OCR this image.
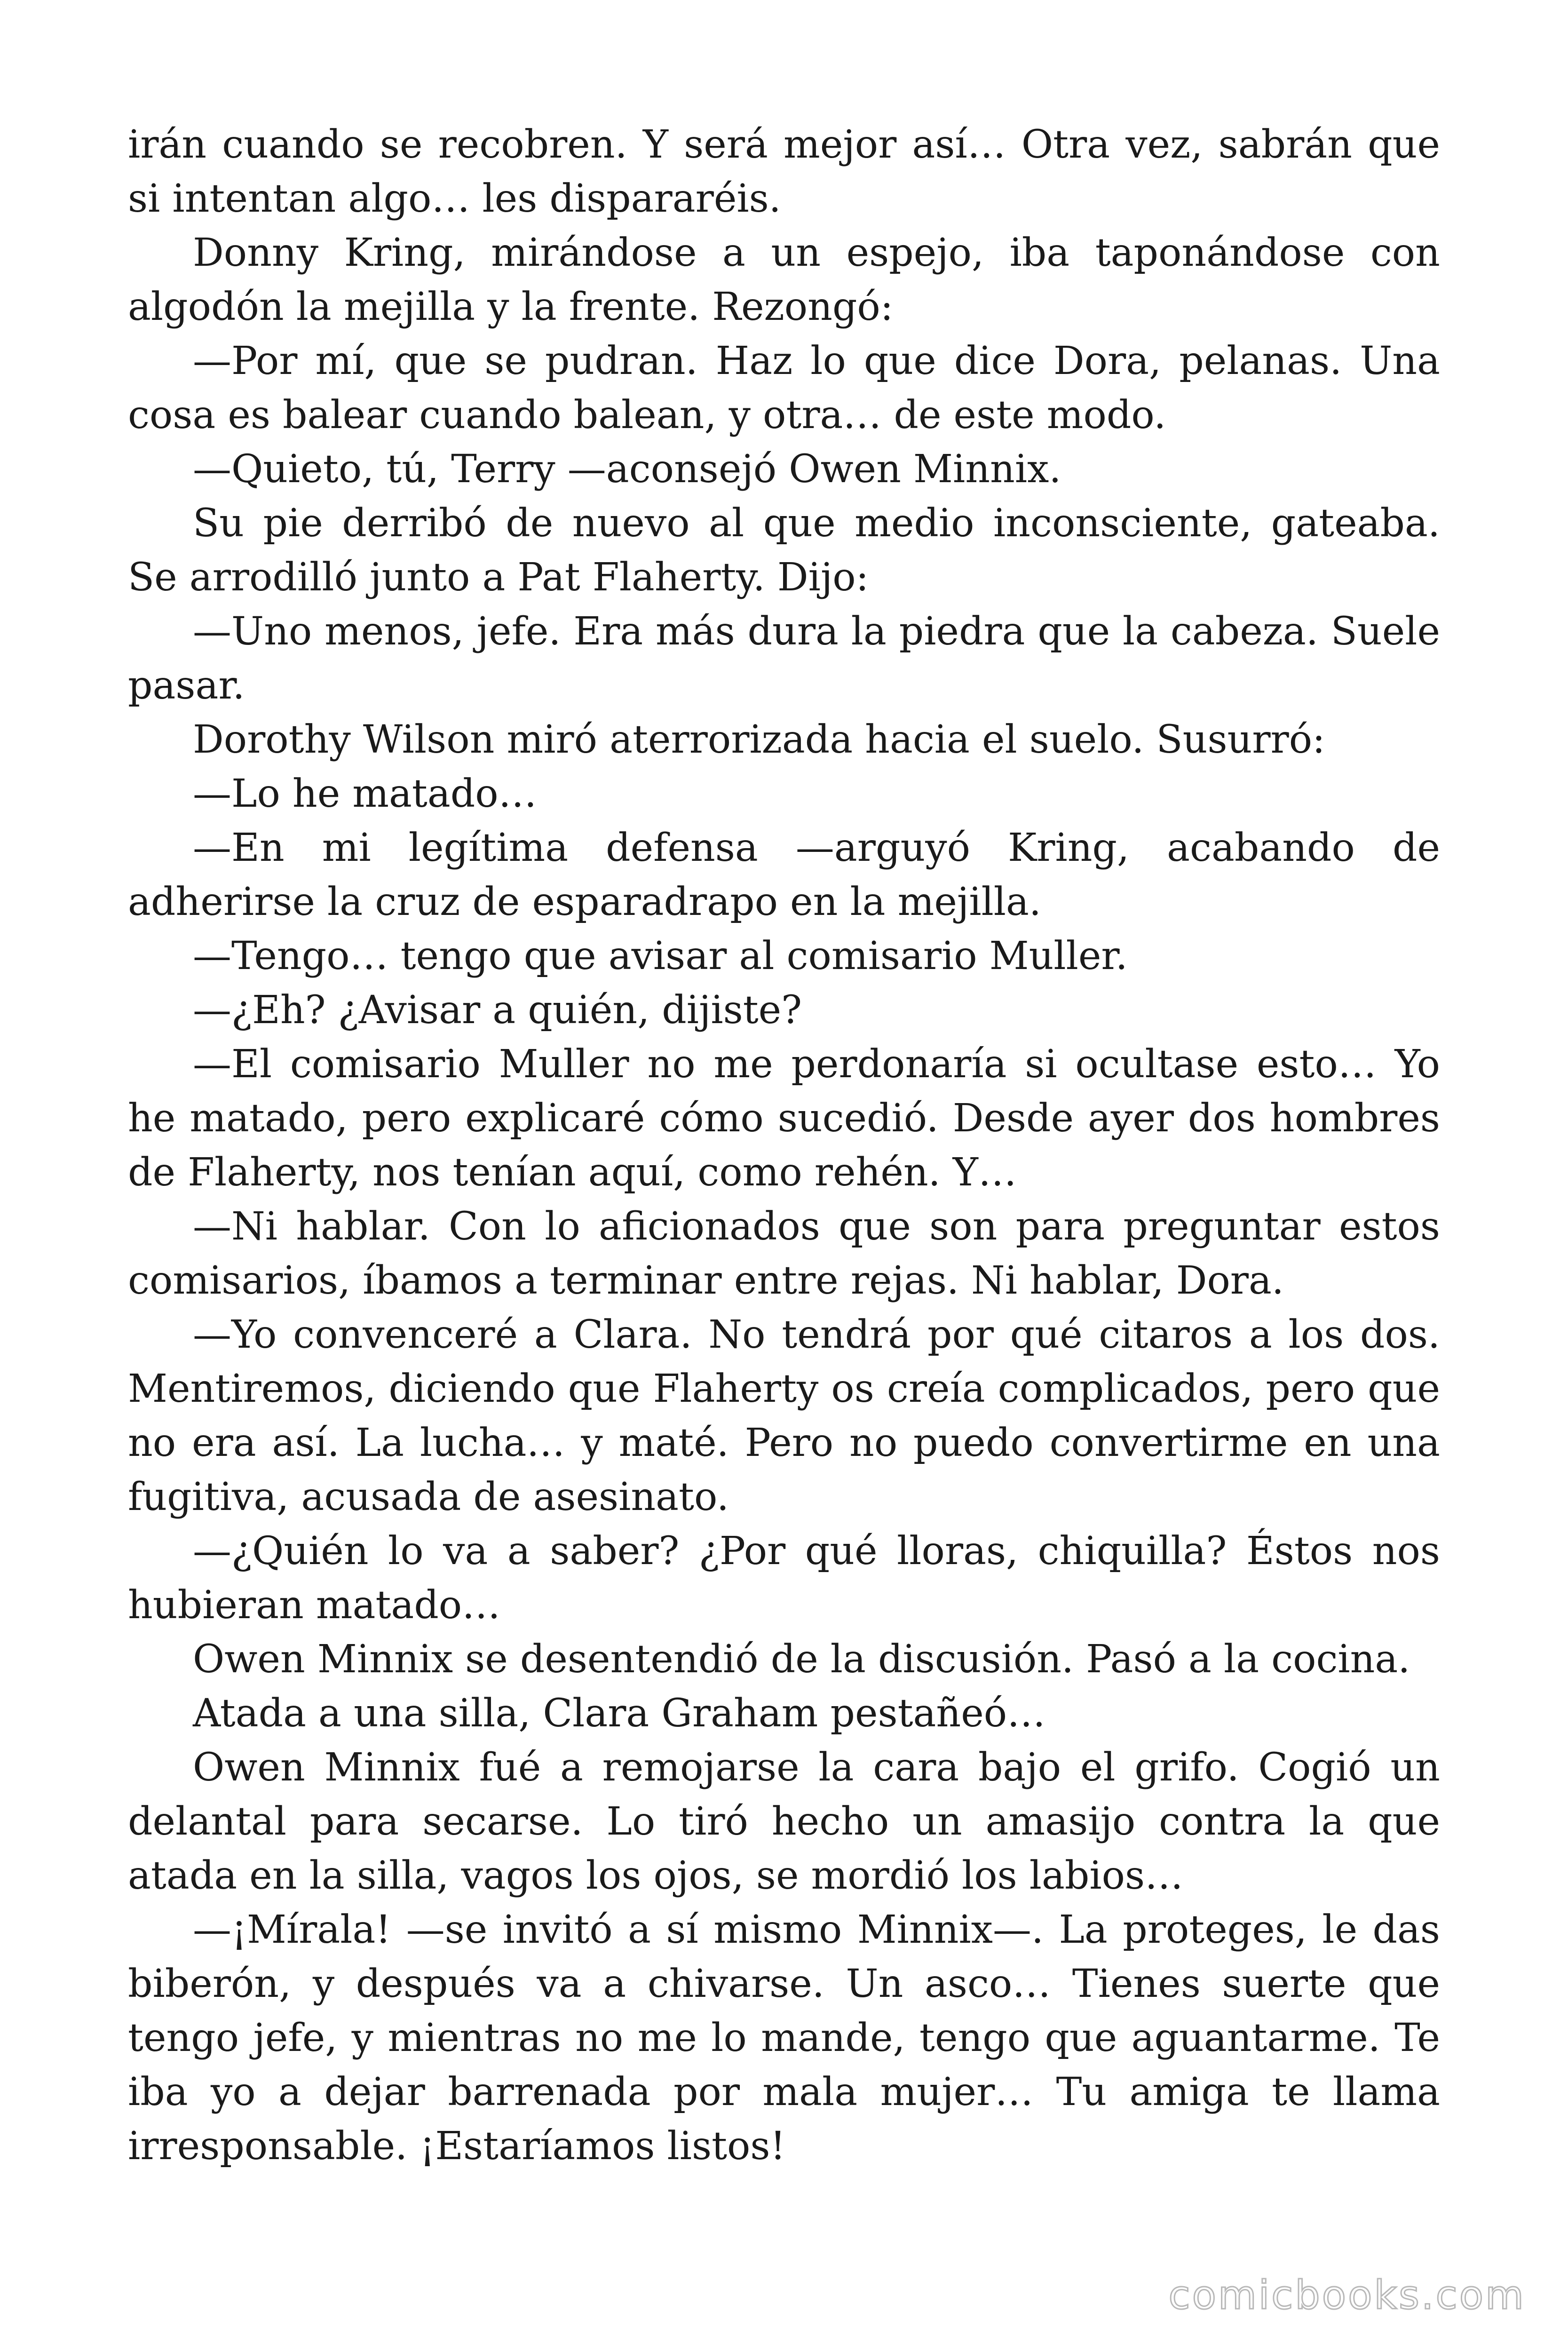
irán cuando se recobren. Y será mejor así… Otra vez, sabrán que si intentan algo… les dispararéis.

Donny Kring, mirándose a un espejo, iba taponándose con algodón la mejilla y la frente. Rezongó:

—Por mí, que se pudran. Haz lo que dice Dora, pelanas. Una cosa es balear cuando balean, y otra… de este modo.

—Quieto, tú, Terry —aconsejó Owen Minnix.

Su pie derribó de nuevo al que medio inconsciente, gateaba. Se arrodilló junto a Pat Flaherty. Dijo:

—Uno menos, jefe. Era más dura la piedra que la cabeza. Suele pasar.

Dorothy Wilson miró aterrorizada hacia el suelo. Susurró:

—Lo he matado…

—En mi legítima defensa —arguyó Kring, acabando de adherirse la cruz de esparadrapo en la mejilla.

—Tengo… tengo que avisar al comisario Muller.

—¿Eh? ¿Avisar a quién, dijiste?

—El comisario Muller no me perdonaría si ocultase esto… Yo he matado, pero explicaré cómo sucedió. Desde ayer dos hombres de Flaherty, nos tenían aquí, como rehén. Y…

—Ni hablar. Con lo aficionados que son para preguntar estos comisarios, íbamos a terminar entre rejas. Ni hablar, Dora.

—Yo convenceré a Clara. No tendrá por qué citaros a los dos. Mentiremos, diciendo que Flaherty os creía complicados, pero que no era así. La lucha… y maté. Pero no puedo convertirme en una fugitiva, acusada de asesinato.

—¿Quién lo va a saber? ¿Por qué lloras, chiquilla? Éstos nos hubieran matado…

Owen Minnix se desentendió de la discusión. Pasó a la cocina.

Atada a una silla, Clara Graham pestañeó…

Owen Minnix fué a remojarse la cara bajo el grifo. Cogió un delantal para secarse. Lo tiró hecho un amasijo contra la que atada en la silla, vagos los ojos, se mordió los labios…

—¡Mírala! —se invitó a sí mismo Minnix—. La proteges, le das biberón, y después va a chivarse. Un asco… Tienes suerte que tengo jefe, y mientras no me lo mande, tengo que aguantarme. Te iba yo a dejar barrenada por mala mujer… Tu amiga te llama irresponsable. ¡Estaríamos listos!

comicbooks.com
